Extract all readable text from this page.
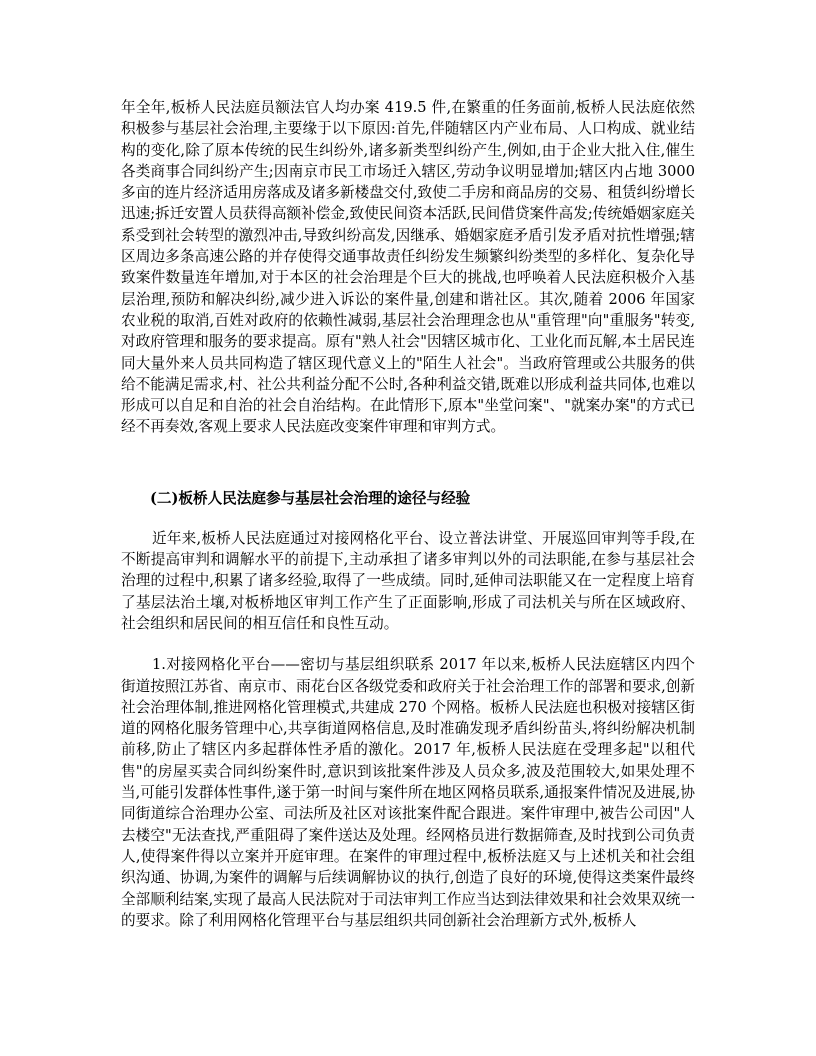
年全年,板桥人民法庭员额法官人均办案 419.5 件,在繁重的任务面前,板桥人民法庭依然积极参与基层社会治理,主要缘于以下原因:首先,伴随辖区内产业布局、人口构成、就业结构的变化,除了原本传统的民生纠纷外,诸多新类型纠纷产生,例如,由于企业大批入住,催生各类商事合同纠纷产生;因南京市民工市场迁入辖区,劳动争议明显增加;辖区内占地 3000 多亩的连片经济适用房落成及诸多新楼盘交付,致使二手房和商品房的交易、租赁纠纷增长迅速;拆迁安置人员获得高额补偿金,致使民间资本活跃,民间借贷案件高发;传统婚姻家庭关系受到社会转型的激烈冲击,导致纠纷高发,因继承、婚姻家庭矛盾引发矛盾对抗性增强;辖区周边多条高速公路的并存使得交通事故责任纠纷发生频繁纠纷类型的多样化、复杂化导致案件数量连年增加,对于本区的社会治理是个巨大的挑战,也呼唤着人民法庭积极介入基层治理,预防和解决纠纷,减少进入诉讼的案件量,创建和谐社区。其次,随着 2006 年国家农业税的取消,百姓对政府的依赖性减弱,基层社会治理理念也从"重管理"向"重服务"转变,对政府管理和服务的要求提高。原有"熟人社会"因辖区城市化、工业化而瓦解,本土居民连同大量外来人员共同构造了辖区现代意义上的"陌生人社会"。当政府管理或公共服务的供给不能满足需求,村、社公共利益分配不公时,各种利益交错,既难以形成利益共同体,也难以形成可以自足和自治的社会自治结构。在此情形下,原本"坐堂问案"、"就案办案"的方式已经不再奏效,客观上要求人民法庭改变案件审理和审判方式。

(二)板桥人民法庭参与基层社会治理的途径与经验

近年来,板桥人民法庭通过对接网格化平台、设立普法讲堂、开展巡回审判等手段,在不断提高审判和调解水平的前提下,主动承担了诸多审判以外的司法职能,在参与基层社会治理的过程中,积累了诸多经验,取得了一些成绩。同时,延伸司法职能又在一定程度上培育了基层法治土壤,对板桥地区审判工作产生了正面影响,形成了司法机关与所在区域政府、社会组织和居民间的相互信任和良性互动。

1.对接网格化平台——密切与基层组织联系 2017 年以来,板桥人民法庭辖区内四个街道按照江苏省、南京市、雨花台区各级党委和政府关于社会治理工作的部署和要求,创新社会治理体制,推进网格化管理模式,共建成 270 个网格。板桥人民法庭也积极对接辖区街道的网格化服务管理中心,共享街道网格信息,及时准确发现矛盾纠纷苗头,将纠纷解决机制前移,防止了辖区内多起群体性矛盾的激化。2017 年,板桥人民法庭在受理多起"以租代售"的房屋买卖合同纠纷案件时,意识到该批案件涉及人员众多,波及范围较大,如果处理不当,可能引发群体性事件,遂于第一时间与案件所在地区网格员联系,通报案件情况及进展,协同街道综合治理办公室、司法所及社区对该批案件配合跟进。案件审理中,被告公司因"人去楼空"无法查找,严重阻碍了案件送达及处理。经网格员进行数据筛查,及时找到公司负责人,使得案件得以立案并开庭审理。在案件的审理过程中,板桥法庭又与上述机关和社会组织沟通、协调,为案件的调解与后续调解协议的执行,创造了良好的环境,使得这类案件最终全部顺利结案,实现了最高人民法院对于司法审判工作应当达到法律效果和社会效果双统一的要求。除了利用网格化管理平台与基层组织共同创新社会治理新方式外,板桥人
